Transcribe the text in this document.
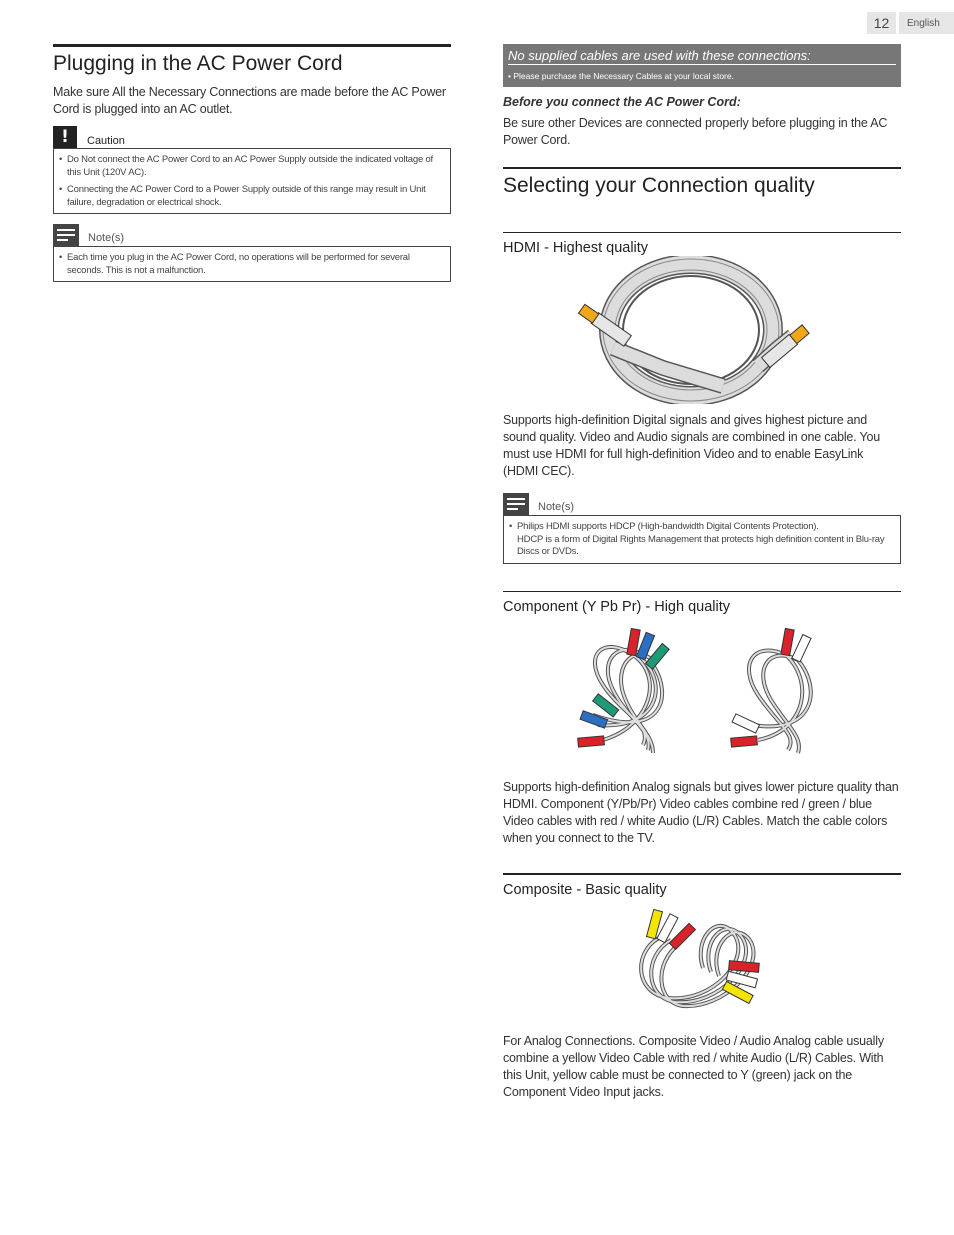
12	English
Plugging in the AC Power Cord
Make sure All the Necessary Connections are made before the AC Power Cord is plugged into an AC outlet.
!	Caution
• Do Not connect the AC Power Cord to an AC Power Supply outside the indicated voltage of this Unit (120V AC).
• Connecting the AC Power Cord to a Power Supply outside of this range may result in Unit failure, degradation or electrical shock.
Note(s)
• Each time you plug in the AC Power Cord, no operations will be performed for several seconds. This is not a malfunction.
No supplied cables are used with these connections:
• Please purchase the Necessary Cables at your local store.
Before you connect the AC Power Cord:
Be sure other Devices are connected properly before plugging in the AC Power Cord.
Selecting your Connection quality
HDMI - Highest quality
Supports high-definition Digital signals and gives highest picture and sound quality. Video and Audio signals are combined in one cable. You must use HDMI for full high-definition Video and to enable EasyLink (HDMI CEC).
Note(s)
• Philips HDMI supports HDCP (High-bandwidth Digital Contents Protection).
HDCP is a form of Digital Rights Management that protects high definition content in Blu-ray Discs or DVDs.
Component (Y Pb Pr) - High quality
Supports high-definition Analog signals but gives lower picture quality than HDMI. Component (Y/Pb/Pr) Video cables combine red / green / blue Video cables with red / white Audio (L/R) Cables. Match the cable colors when you connect to the TV.
Composite - Basic quality
For Analog Connections. Composite Video / Audio Analog cable usually combine a yellow Video Cable with red / white Audio (L/R) Cables. With this Unit, yellow cable must be connected to Y (green) jack on the Component Video Input jacks.
